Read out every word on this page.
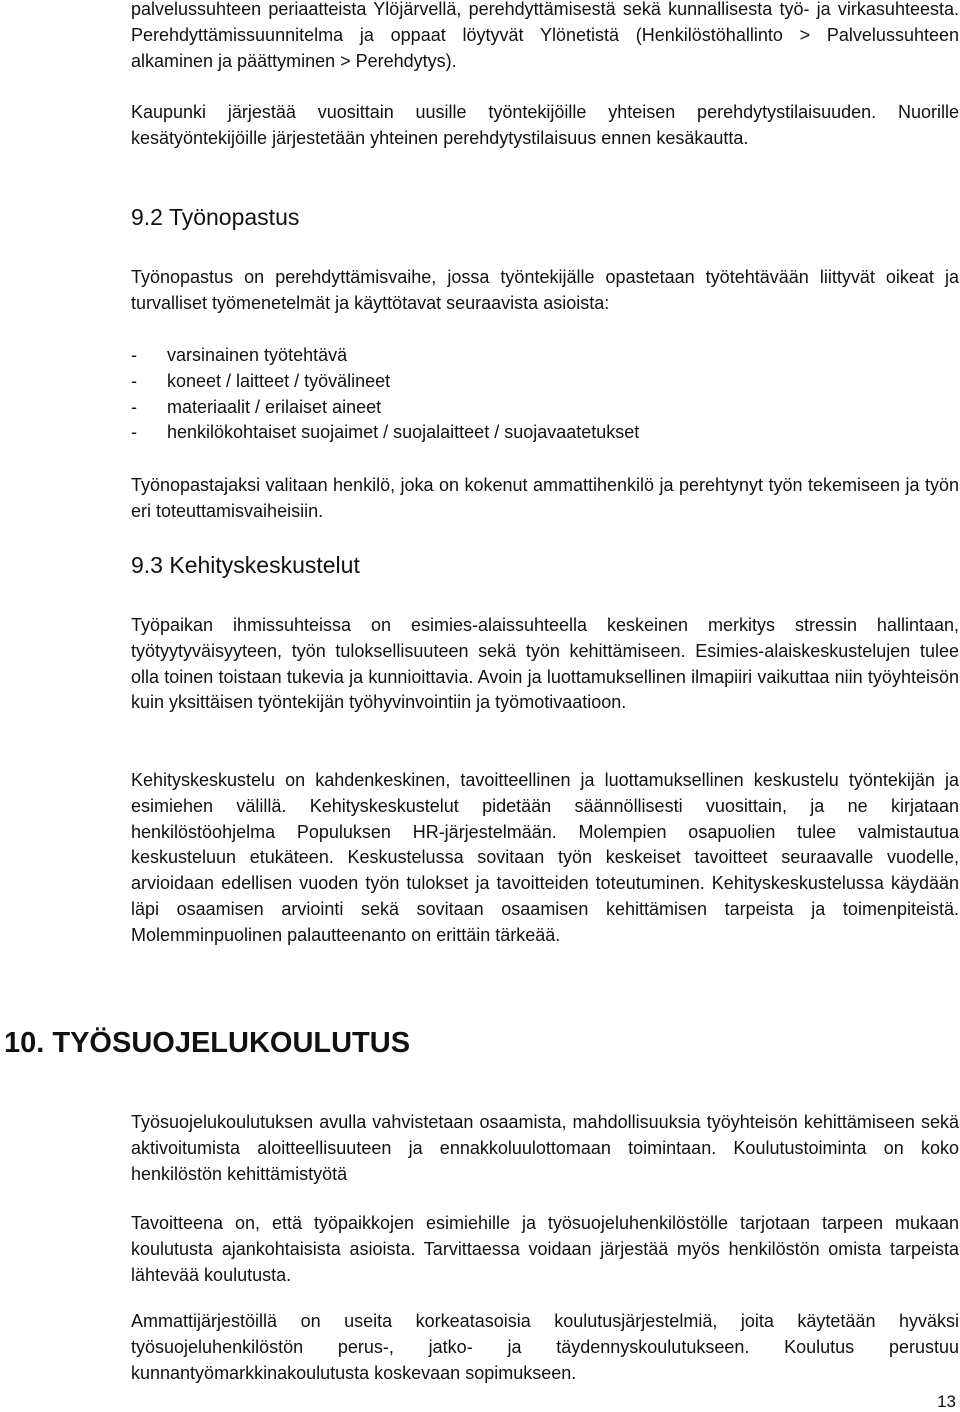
palvelussuhteen periaatteista Ylöjärvellä, perehdyttämisestä sekä kunnallisesta työ- ja virkasuhteesta. Perehdyttämissuunnitelma ja oppaat löytyvät Ylönetistä (Henkilöstöhallinto > Palvelussuhteen alkaminen ja päättyminen > Perehdytys).

Kaupunki järjestää vuosittain uusille työntekijöille yhteisen perehdytystilaisuuden. Nuorille kesätyöntekijöille järjestetään yhteinen perehdytystilaisuus ennen kesäkautta.

9.2 Työnopastus

Työnopastus on perehdyttämisvaihe, jossa työntekijälle opastetaan työtehtävään liittyvät oikeat ja turvalliset työmenetelmät ja käyttötavat seuraavista asioista:

-	varsinainen työtehtävä
-	koneet / laitteet / työvälineet
-	materiaalit / erilaiset aineet
-	henkilökohtaiset suojaimet / suojalaitteet / suojavaatetukset

Työnopastajaksi valitaan henkilö, joka on kokenut ammattihenkilö ja perehtynyt työn tekemiseen ja työn eri toteuttamisvaiheisiin.

9.3 Kehityskeskustelut

Työpaikan ihmissuhteissa on esimies-alaissuhteella keskeinen merkitys stressin hallintaan, työtyytyväisyyteen, työn tuloksellisuuteen sekä työn kehittämiseen. Esimies-alaiskeskustelujen tulee olla toinen toistaan tukevia ja kunnioittavia. Avoin ja luottamuksellinen ilmapiiri vaikuttaa niin työyhteisön kuin yksittäisen työntekijän työhyvinvointiin ja työmotivaatioon.

Kehityskeskustelu on kahdenkeskinen, tavoitteellinen ja luottamuksellinen keskustelu työntekijän ja esimiehen välillä. Kehityskeskustelut pidetään säännöllisesti vuosittain, ja ne kirjataan henkilöstöohjelma Populuksen HR-järjestelmään. Molempien osapuolien tulee valmistautua keskusteluun etukäteen. Keskustelussa sovitaan työn keskeiset tavoitteet seuraavalle vuodelle, arvioidaan edellisen vuoden työn tulokset ja tavoitteiden toteutuminen. Kehityskeskustelussa käydään läpi osaamisen arviointi sekä sovitaan osaamisen kehittämisen tarpeista ja toimenpiteistä. Molemminpuolinen palautteenanto on erittäin tärkeää.

10. TYÖSUOJELUKOULUTUS

Työsuojelukoulutuksen avulla vahvistetaan osaamista, mahdollisuuksia työyhteisön kehittämiseen sekä aktivoitumista aloitteellisuuteen ja ennakkoluulottomaan toimintaan. Koulutustoiminta on koko henkilöstön kehittämistyötä

Tavoitteena on, että työpaikkojen esimiehille ja työsuojeluhenkilöstölle tarjotaan tarpeen mukaan koulutusta ajankohtaisista asioista. Tarvittaessa voidaan järjestää myös henkilöstön omista tarpeista lähtevää koulutusta.

Ammattijärjestöillä on useita korkeatasoisia koulutusjärjestelmiä, joita käytetään hyväksi työsuojeluhenkilöstön perus-, jatko- ja täydennyskoulutukseen. Koulutus perustuu kunnantyömarkkinakoulutusta koskevaan sopimukseen.

13
